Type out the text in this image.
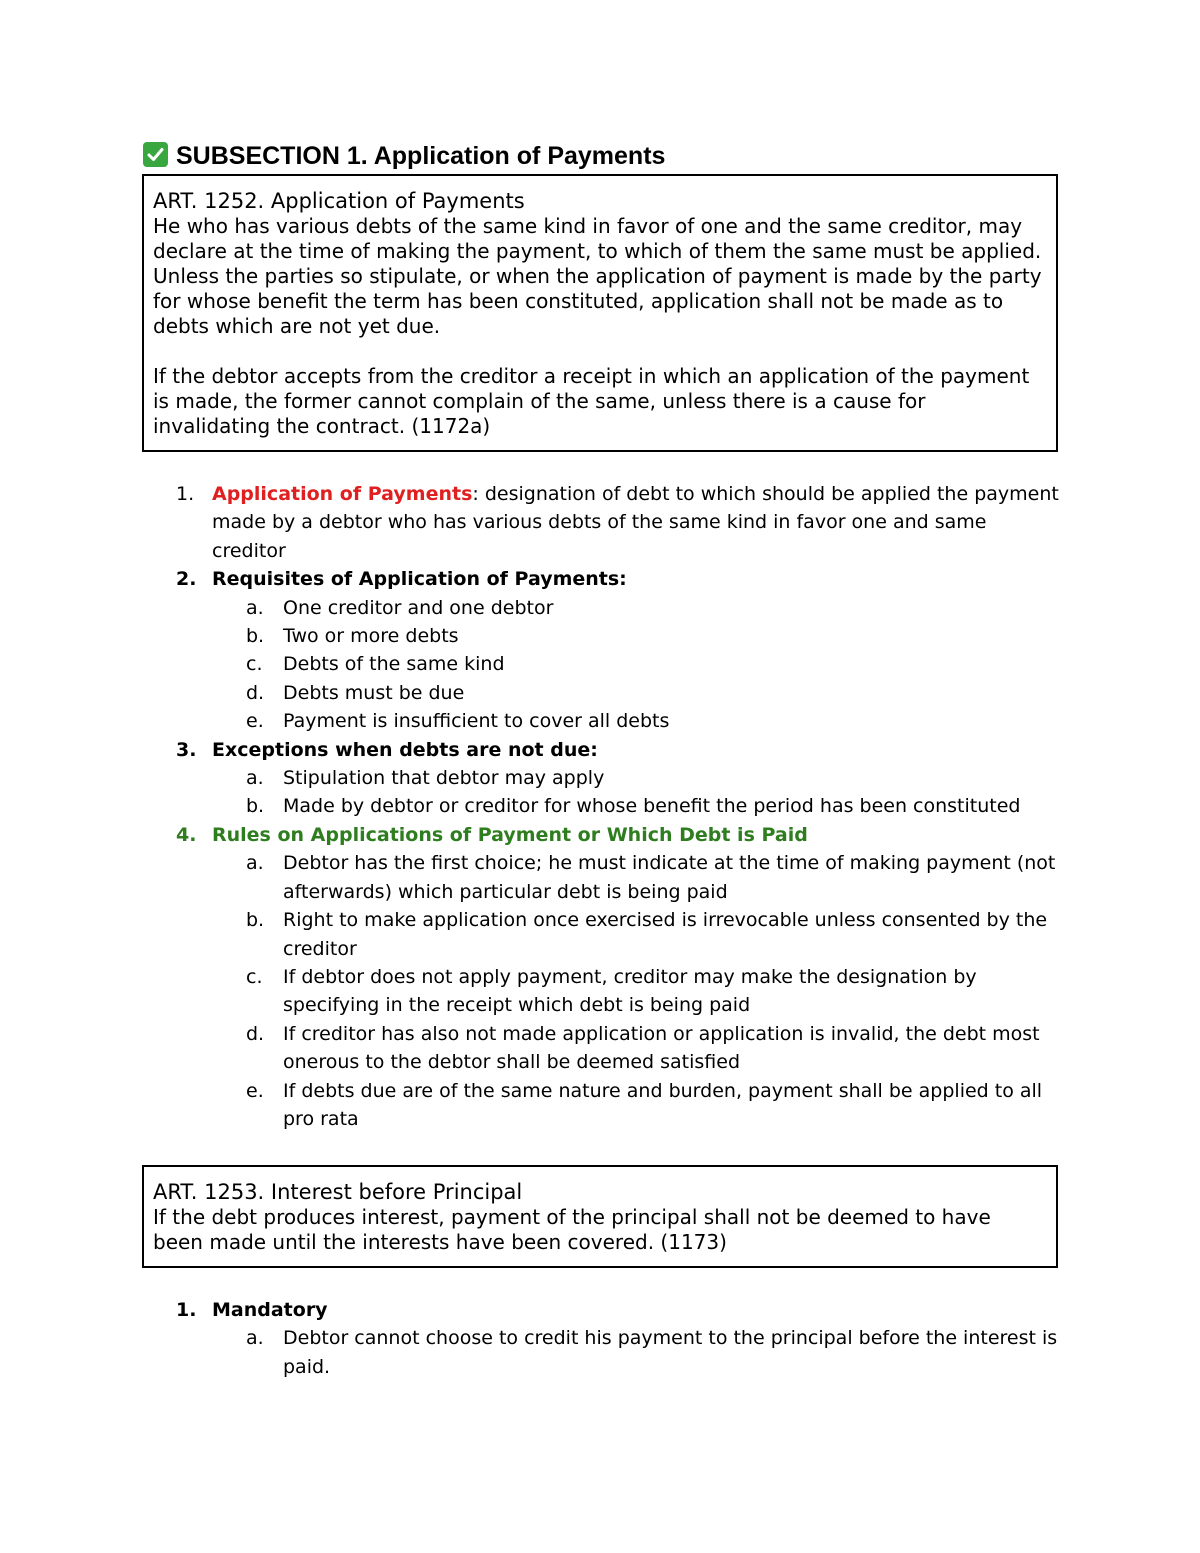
SUBSECTION 1. Application of Payments
ART. 1252. Application of Payments

He who has various debts of the same kind in favor of one and the same creditor, may declare at the time of making the payment, to which of them the same must be applied. Unless the parties so stipulate, or when the application of payment is made by the party for whose benefit the term has been constituted, application shall not be made as to debts which are not yet due.

If the debtor accepts from the creditor a receipt in which an application of the payment is made, the former cannot complain of the same, unless there is a cause for invalidating the contract. (1172a)

1. Application of Payments: designation of debt to which should be applied the payment made by a debtor who has various debts of the same kind in favor one and same creditor
2. Requisites of Application of Payments:
a. One creditor and one debtor
b. Two or more debts
c. Debts of the same kind
d. Debts must be due
e. Payment is insufficient to cover all debts
3. Exceptions when debts are not due:
a. Stipulation that debtor may apply
b. Made by debtor or creditor for whose benefit the period has been constituted
4. Rules on Applications of Payment or Which Debt is Paid
a. Debtor has the first choice; he must indicate at the time of making payment (not afterwards) which particular debt is being paid
b. Right to make application once exercised is irrevocable unless consented by the creditor
c. If debtor does not apply payment, creditor may make the designation by specifying in the receipt which debt is being paid
d. If creditor has also not made application or application is invalid, the debt most onerous to the debtor shall be deemed satisfied
e. If debts due are of the same nature and burden, payment shall be applied to all pro rata
ART. 1253. Interest before Principal

If the debt produces interest, payment of the principal shall not be deemed to have been made until the interests have been covered. (1173)

1. Mandatory
a. Debtor cannot choose to credit his payment to the principal before the interest is paid.
